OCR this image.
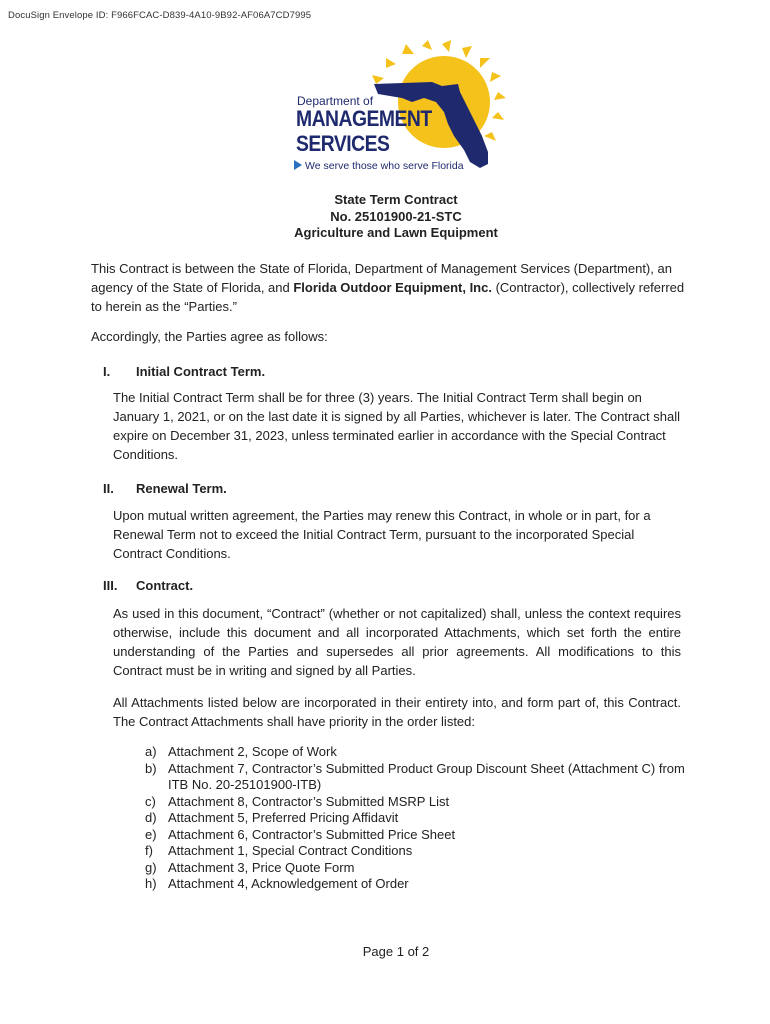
DocuSign Envelope ID: F966FCAC-D839-4A10-9B92-AF06A7CD7995
Department of
MANAGEMENT
SERVICES
We serve those who serve Florida
State Term Contract
No. 25101900-21-STC
Agriculture and Lawn Equipment
This Contract is between the State of Florida, Department of Management Services (Department), an agency of the State of Florida, and Florida Outdoor Equipment, Inc. (Contractor), collectively referred to herein as the “Parties.”
Accordingly, the Parties agree as follows:
I. Initial Contract Term.
The Initial Contract Term shall be for three (3) years. The Initial Contract Term shall begin on January 1, 2021, or on the last date it is signed by all Parties, whichever is later. The Contract shall expire on December 31, 2023, unless terminated earlier in accordance with the Special Contract Conditions.
II. Renewal Term.
Upon mutual written agreement, the Parties may renew this Contract, in whole or in part, for a Renewal Term not to exceed the Initial Contract Term, pursuant to the incorporated Special Contract Conditions.
III. Contract.
As used in this document, “Contract” (whether or not capitalized) shall, unless the context requires otherwise, include this document and all incorporated Attachments, which set forth the entire understanding of the Parties and supersedes all prior agreements. All modifications to this Contract must be in writing and signed by all Parties.
All Attachments listed below are incorporated in their entirety into, and form part of, this Contract. The Contract Attachments shall have priority in the order listed:
a) Attachment 2, Scope of Work
b) Attachment 7, Contractor’s Submitted Product Group Discount Sheet (Attachment C) from ITB No. 20-25101900-ITB)
c) Attachment 8, Contractor’s Submitted MSRP List
d) Attachment 5, Preferred Pricing Affidavit
e) Attachment 6, Contractor’s Submitted Price Sheet
f) Attachment 1, Special Contract Conditions
g) Attachment 3, Price Quote Form
h) Attachment 4, Acknowledgement of Order
Page 1 of 2
